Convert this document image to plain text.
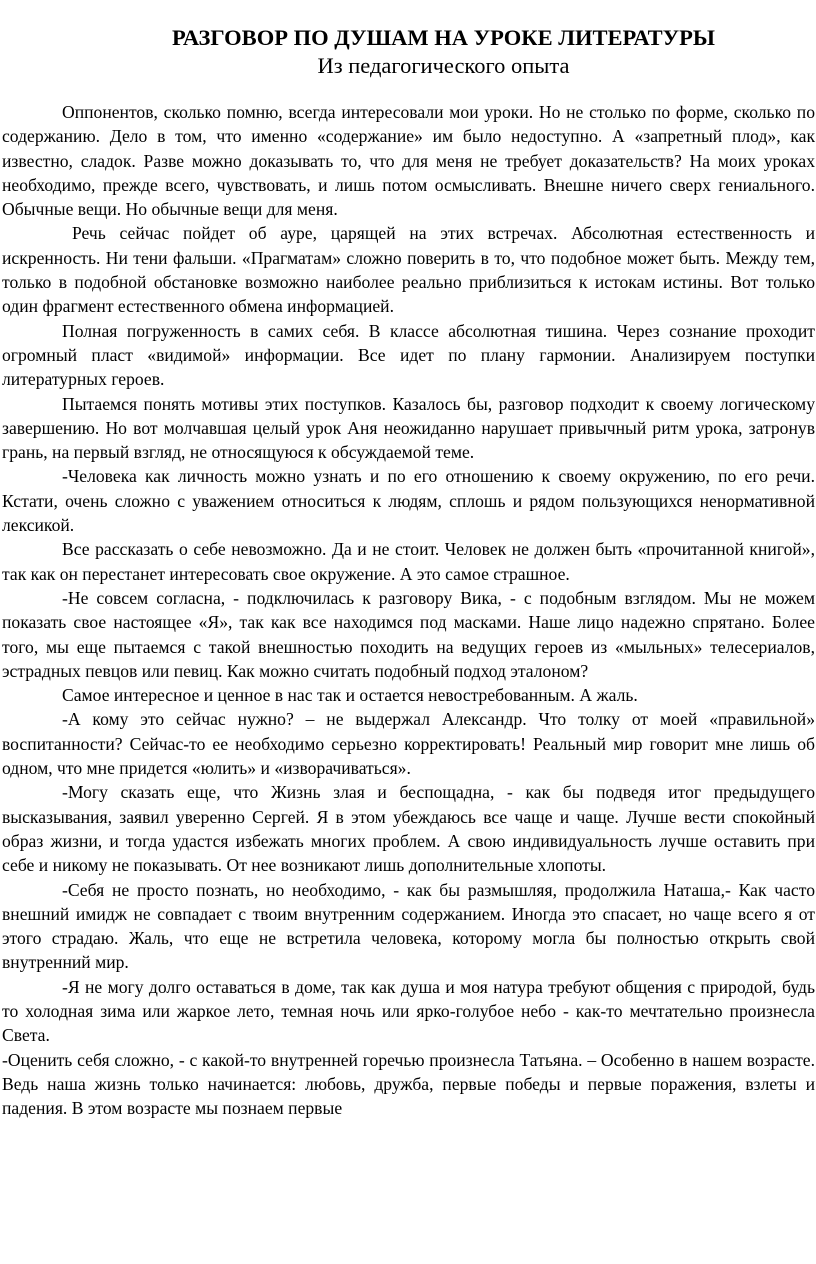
РАЗГОВОР ПО ДУШАМ НА УРОКЕ ЛИТЕРАТУРЫ
Из педагогического опыта

Оппонентов, сколько помню, всегда интересовали мои уроки. Но не столько по форме, сколько по содержанию. Дело в том, что именно «содержание» им было недоступно. А «запретный плод», как известно, сладок. Разве можно доказывать то, что для меня не требует доказательств? На моих уроках необходимо, прежде всего, чувствовать, и лишь потом осмысливать. Внешне ничего сверх гениального. Обычные вещи. Но обычные вещи для меня.

Речь сейчас пойдет об ауре, царящей на этих встречах. Абсолютная естественность и искренность. Ни тени фальши. «Прагматам» сложно поверить в то, что подобное может быть. Между тем, только в подобной обстановке возможно наиболее реально приблизиться к истокам истины. Вот только один фрагмент естественного обмена информацией.

Полная погруженность в самих себя. В классе абсолютная тишина. Через сознание проходит огромный пласт «видимой» информации. Все идет по плану гармонии. Анализируем поступки литературных героев.

Пытаемся понять мотивы этих поступков. Казалось бы, разговор подходит к своему логическому завершению. Но вот молчавшая целый урок Аня неожиданно нарушает привычный ритм урока, затронув грань, на первый взгляд, не относящуюся к обсуждаемой теме.

-Человека как личность можно узнать и по его отношению к своему окружению, по его речи. Кстати, очень сложно с уважением относиться к людям, сплошь и рядом пользующихся ненормативной лексикой.

Все рассказать о себе невозможно. Да и не стоит. Человек не должен быть «прочитанной книгой», так как он перестанет интересовать свое окружение. А это самое страшное.

-Не совсем согласна, - подключилась к разговору Вика, - с подобным взглядом. Мы не можем показать свое настоящее «Я», так как все находимся под масками. Наше лицо надежно спрятано. Более того, мы еще пытаемся с такой внешностью походить на ведущих героев из «мыльных» телесериалов, эстрадных певцов или певиц. Как можно считать подобный подход эталоном?

Самое интересное и ценное в нас так и остается невостребованным. А жаль.

-А кому это сейчас нужно? – не выдержал Александр. Что толку от моей «правильной» воспитанности? Сейчас-то ее необходимо серьезно корректировать! Реальный мир говорит мне лишь об одном, что мне придется «юлить» и «изворачиваться».

-Могу сказать еще, что Жизнь злая и беспощадна, - как бы подведя итог предыдущего высказывания, заявил уверенно Сергей. Я в этом убеждаюсь все чаще и чаще. Лучше вести спокойный образ жизни, и тогда удастся избежать многих проблем. А свою индивидуальность лучше оставить при себе и никому не показывать. От нее возникают лишь дополнительные хлопоты.

-Себя не просто познать, но необходимо, - как бы размышляя, продолжила Наташа,- Как часто внешний имидж не совпадает с твоим внутренним содержанием. Иногда это спасает, но чаще всего я от этого страдаю. Жаль, что еще не встретила человека, которому могла бы полностью открыть свой внутренний мир.

-Я не могу долго оставаться в доме, так как душа и моя натура требуют общения с природой, будь то холодная зима или жаркое лето, темная ночь или ярко-голубое небо - как-то мечтательно произнесла Света.

-Оценить себя сложно, - с какой-то внутренней горечью произнесла Татьяна. – Особенно в нашем возрасте. Ведь наша жизнь только начинается: любовь, дружба, первые победы и первые поражения, взлеты и падения. В этом возрасте мы познаем первые
